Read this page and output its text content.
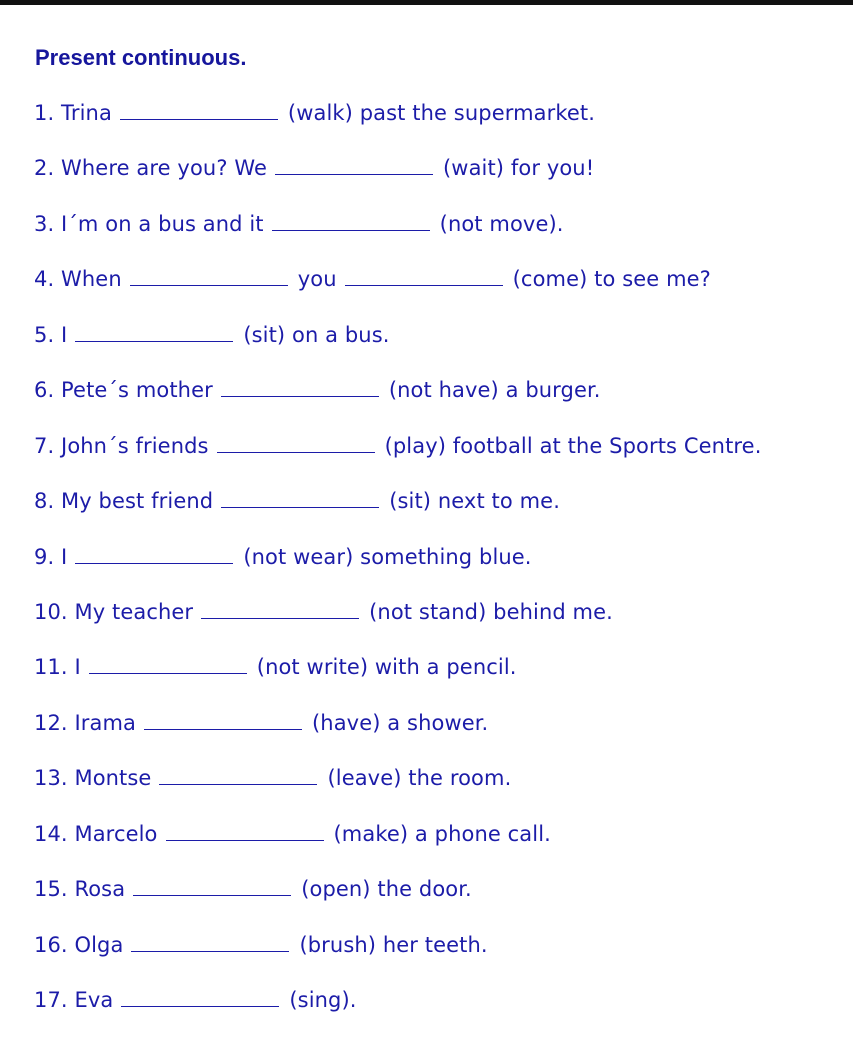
Present continuous.
1. Trina	(walk) past the supermarket.
2. Where are you? We	(wait) for you!
3. I´m on a bus and it	(not move).
4. When	you	(come) to see me?
5. I	(sit) on a bus.
6. Pete´s mother	(not have) a burger.
7. John´s friends	(play) football at the Sports Centre.
8. My best friend	(sit) next to me.
9. I	(not wear) something blue.
10. My teacher	(not stand) behind me.
11. I	(not write) with a pencil.
12. Irama	(have) a shower.
13. Montse	(leave) the room.
14. Marcelo	(make) a phone call.
15. Rosa	(open) the door.
16. Olga	(brush) her teeth.
17. Eva	(sing).
